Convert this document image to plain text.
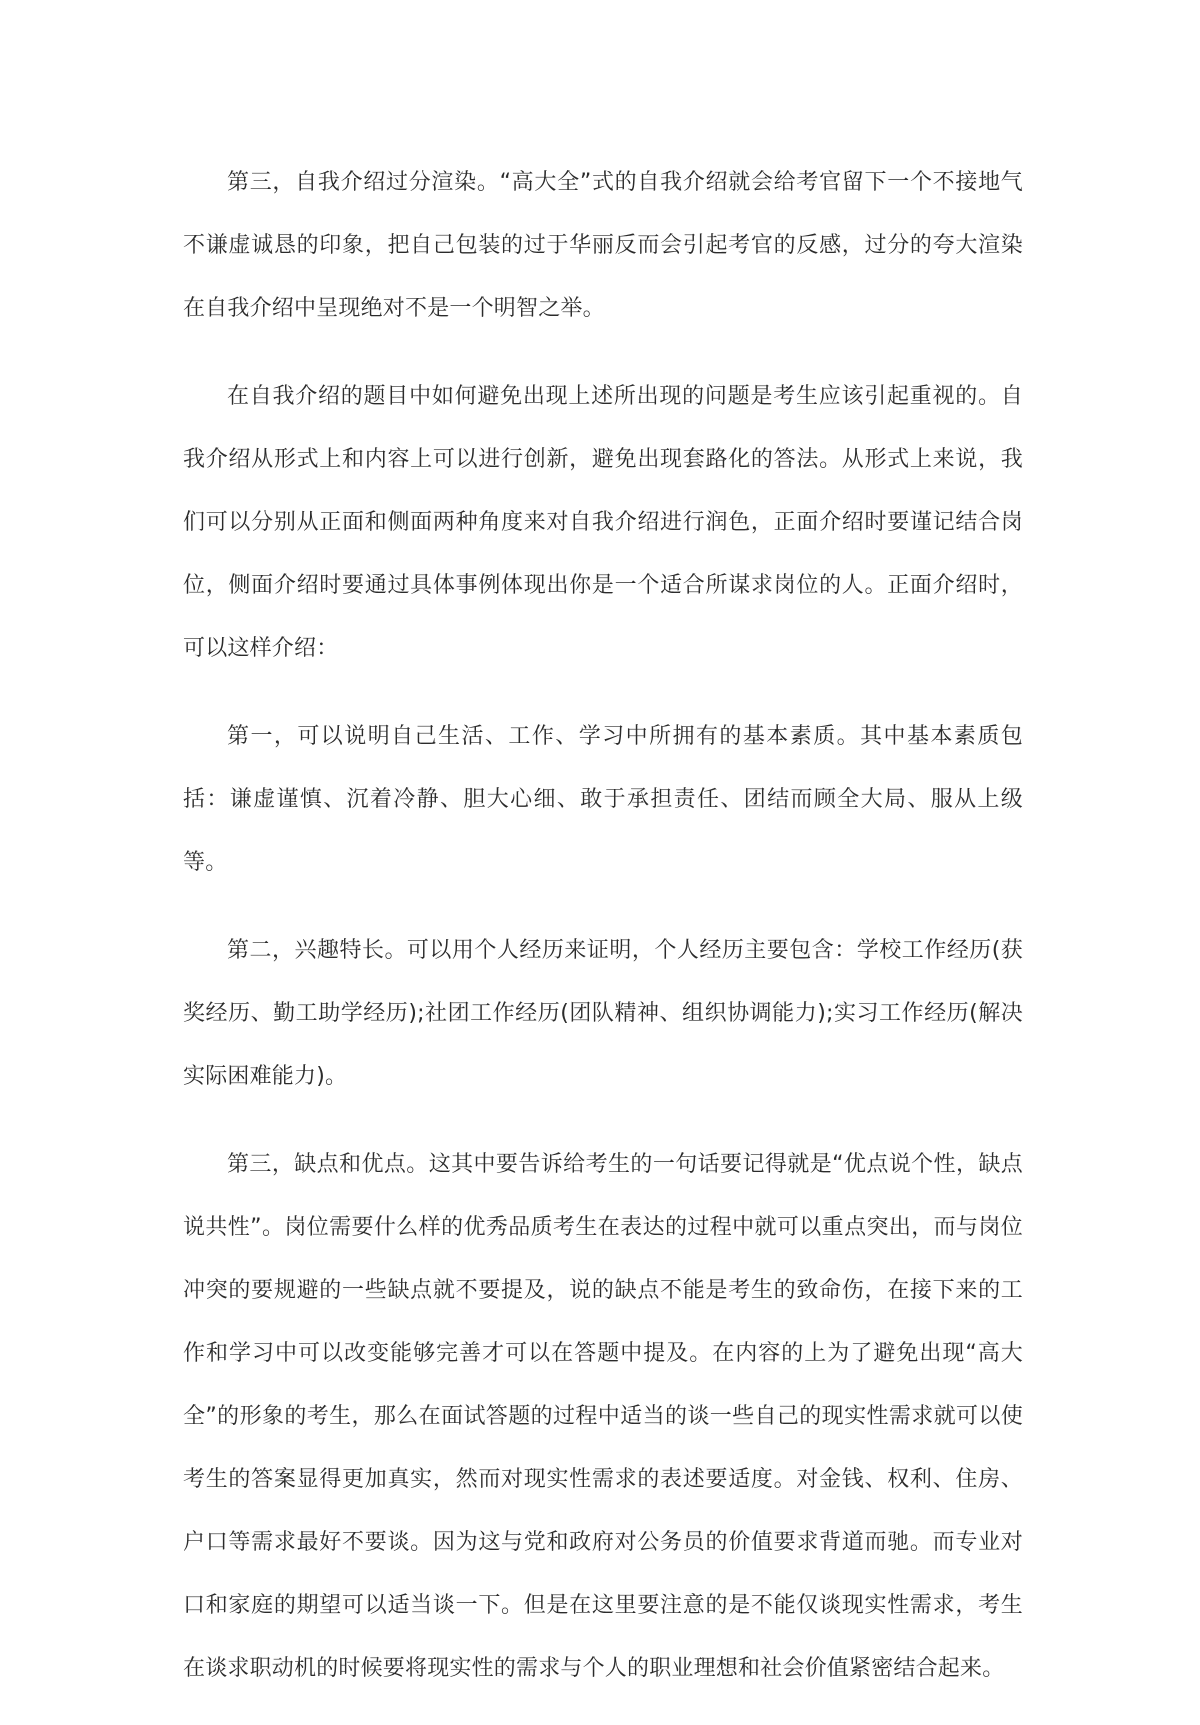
第三，自我介绍过分渲染。“高大全”式的自我介绍就会给考官留下一个不接地气不谦虚诚恳的印象，把自己包装的过于华丽反而会引起考官的反感，过分的夸大渲染在自我介绍中呈现绝对不是一个明智之举。

在自我介绍的题目中如何避免出现上述所出现的问题是考生应该引起重视的。自我介绍从形式上和内容上可以进行创新，避免出现套路化的答法。从形式上来说，我们可以分别从正面和侧面两种角度来对自我介绍进行润色，正面介绍时要谨记结合岗位，侧面介绍时要通过具体事例体现出你是一个适合所谋求岗位的人。正面介绍时，可以这样介绍：

第一，可以说明自己生活、工作、学习中所拥有的基本素质。其中基本素质包括：谦虚谨慎、沉着冷静、胆大心细、敢于承担责任、团结而顾全大局、服从上级等。

第二，兴趣特长。可以用个人经历来证明，个人经历主要包含：学校工作经历(获奖经历、勤工助学经历);社团工作经历(团队精神、组织协调能力);实习工作经历(解决实际困难能力)。

第三，缺点和优点。这其中要告诉给考生的一句话要记得就是“优点说个性，缺点说共性”。岗位需要什么样的优秀品质考生在表达的过程中就可以重点突出，而与岗位冲突的要规避的一些缺点就不要提及，说的缺点不能是考生的致命伤，在接下来的工作和学习中可以改变能够完善才可以在答题中提及。在内容的上为了避免出现“高大全”的形象的考生，那么在面试答题的过程中适当的谈一些自己的现实性需求就可以使考生的答案显得更加真实，然而对现实性需求的表述要适度。对金钱、权利、住房、户口等需求最好不要谈。因为这与党和政府对公务员的价值要求背道而驰。而专业对口和家庭的期望可以适当谈一下。但是在这里要注意的是不能仅谈现实性需求，考生在谈求职动机的时候要将现实性的需求与个人的职业理想和社会价值紧密结合起来。
